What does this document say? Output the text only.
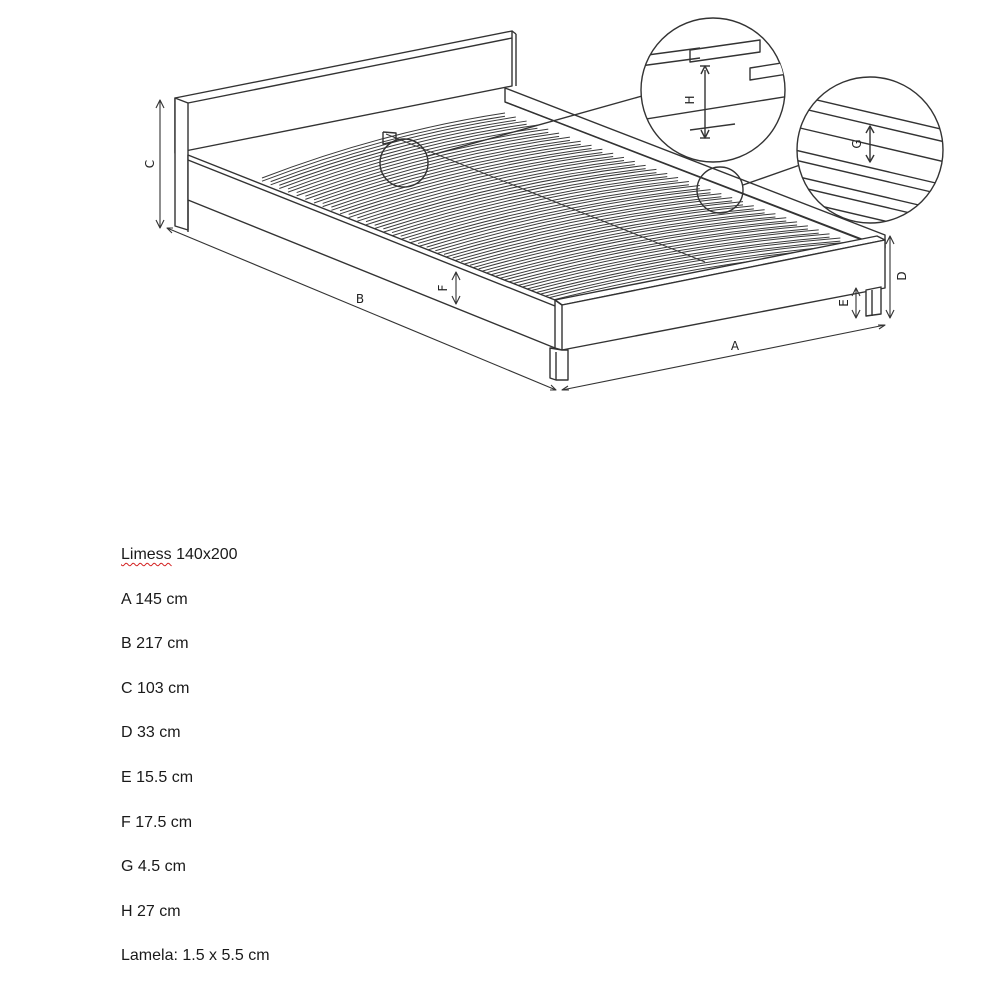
A
B
C
D
E
F
G
H
Limess 140x200
A 145 cm
B 217 cm
C 103 cm
D 33 cm
E 15.5 cm
F 17.5 cm
G 4.5 cm
H 27 cm
Lamela: 1.5 x 5.5 cm
